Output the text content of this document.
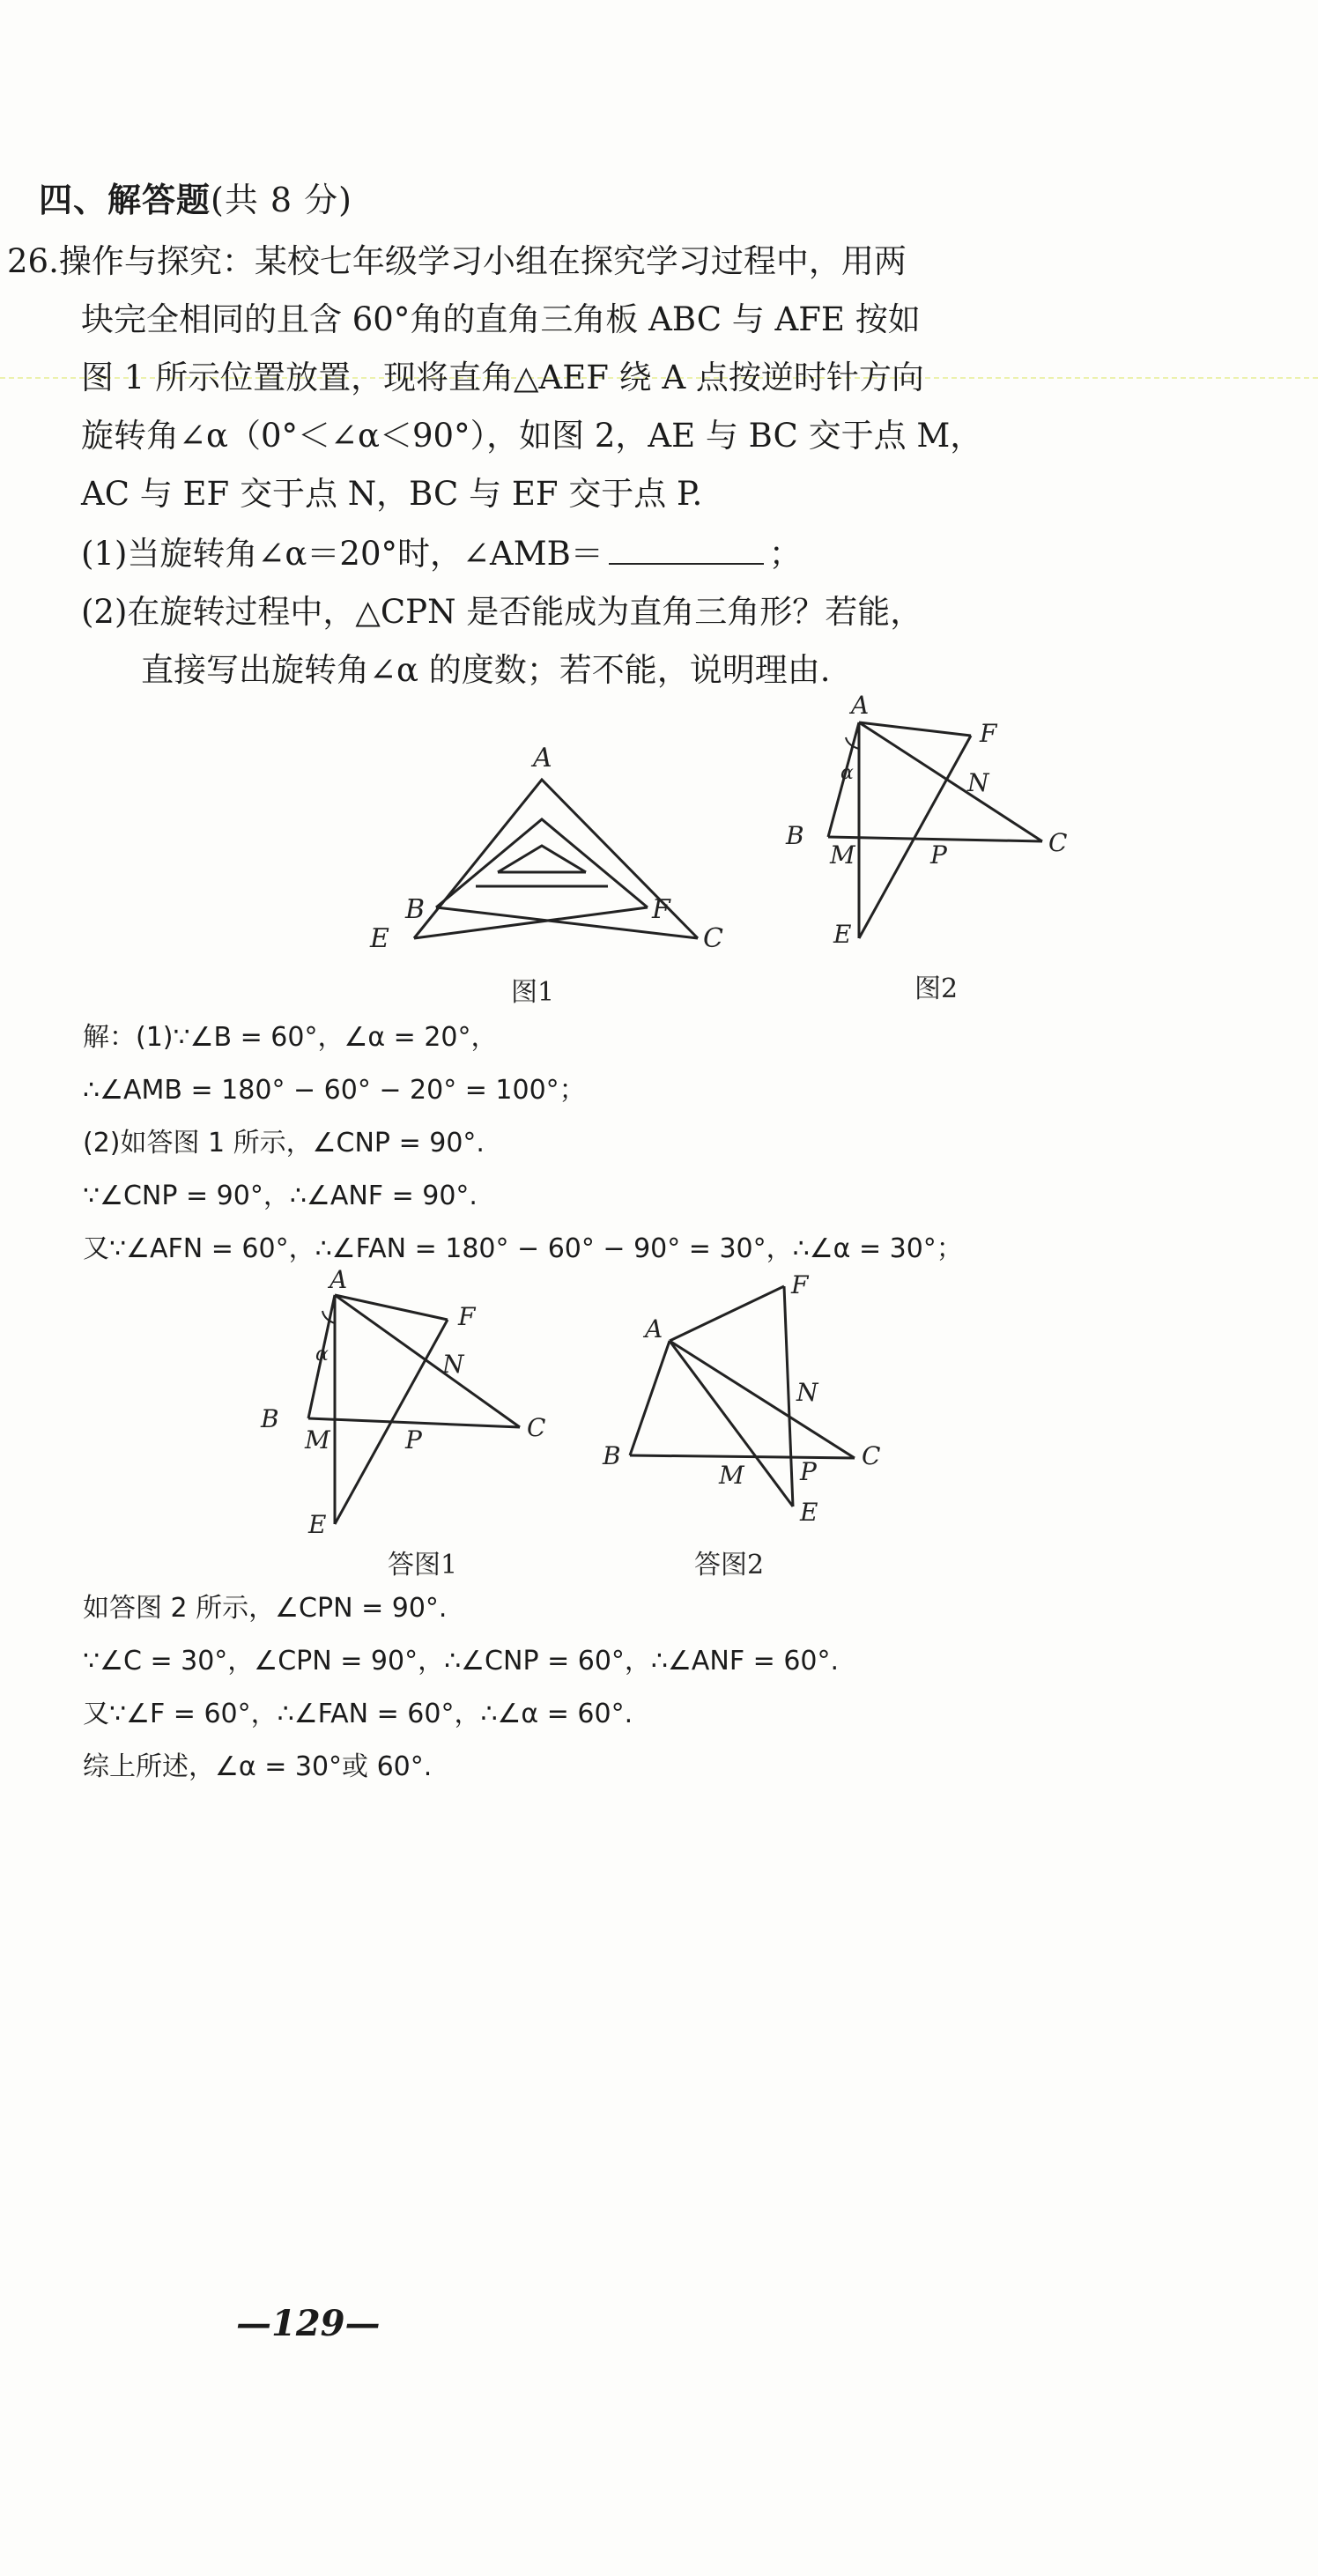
四、解答题(共 8 分)
26.操作与探究：某校七年级学习小组在探究学习过程中，用两
块完全相同的且含 60°角的直角三角板 ABC 与 AFE 按如
图 1 所示位置放置，现将直角△AEF 绕 A 点按逆时针方向
旋转角∠α（0°＜∠α＜90°），如图 2，AE 与 BC 交于点 M，
AC 与 EF 交于点 N，BC 与 EF 交于点 P.
(1)当旋转角∠α＝20°时，∠AMB＝	；
(2)在旋转过程中，△CPN 是否能成为直角三角形？若能，
直接写出旋转角∠α 的度数；若不能，说明理由.
A
B	F
E	C
图1
A
F
N
α
B
M	P	C
E
图2
解：(1)∵∠B = 60°，∠α = 20°，
∴∠AMB = 180° − 60° − 20° = 100°；
(2)如答图 1 所示，∠CNP = 90°.
∵∠CNP = 90°，∴∠ANF = 90°.
又∵∠AFN = 60°，∴∠FAN = 180° − 60° − 90° = 30°，∴∠α = 30°；
A
F
N
α
B
M	P	C
E
答图1
F
A
N
B
M P
C
E
答图2
如答图 2 所示，∠CPN = 90°.
∵∠C = 30°，∠CPN = 90°，∴∠CNP = 60°，∴∠ANF = 60°.
又∵∠F = 60°，∴∠FAN = 60°，∴∠α = 60°.
综上所述，∠α = 30°或 60°.
—129—
